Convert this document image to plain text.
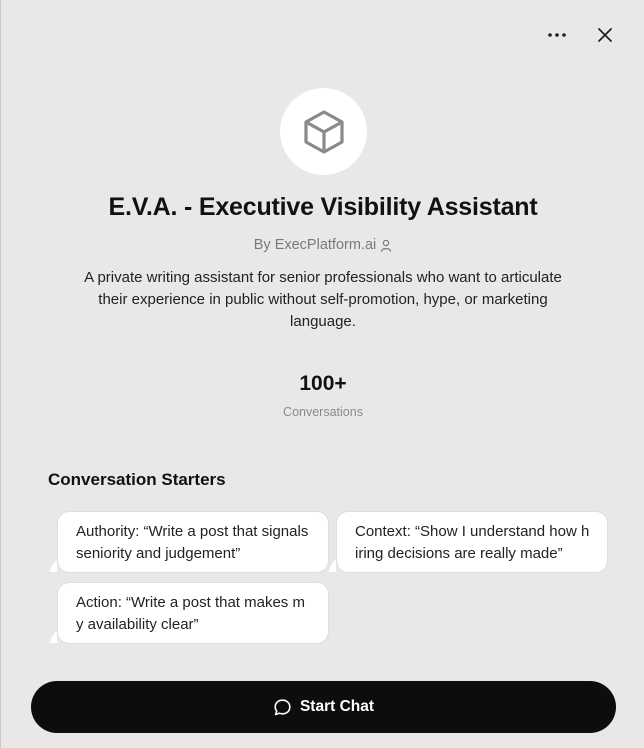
E.V.A. - Executive Visibility Assistant
By ExecPlatform.ai
A private writing assistant for senior professionals who want to articulate their experience in public without self-promotion, hype, or marketing language.
100+
Conversations
Conversation Starters
Authority: “Write a post that signals seniority and judgement”
Context: “Show I understand how hiring decisions are really made”
Action: “Write a post that makes my availability clear”
Start Chat
